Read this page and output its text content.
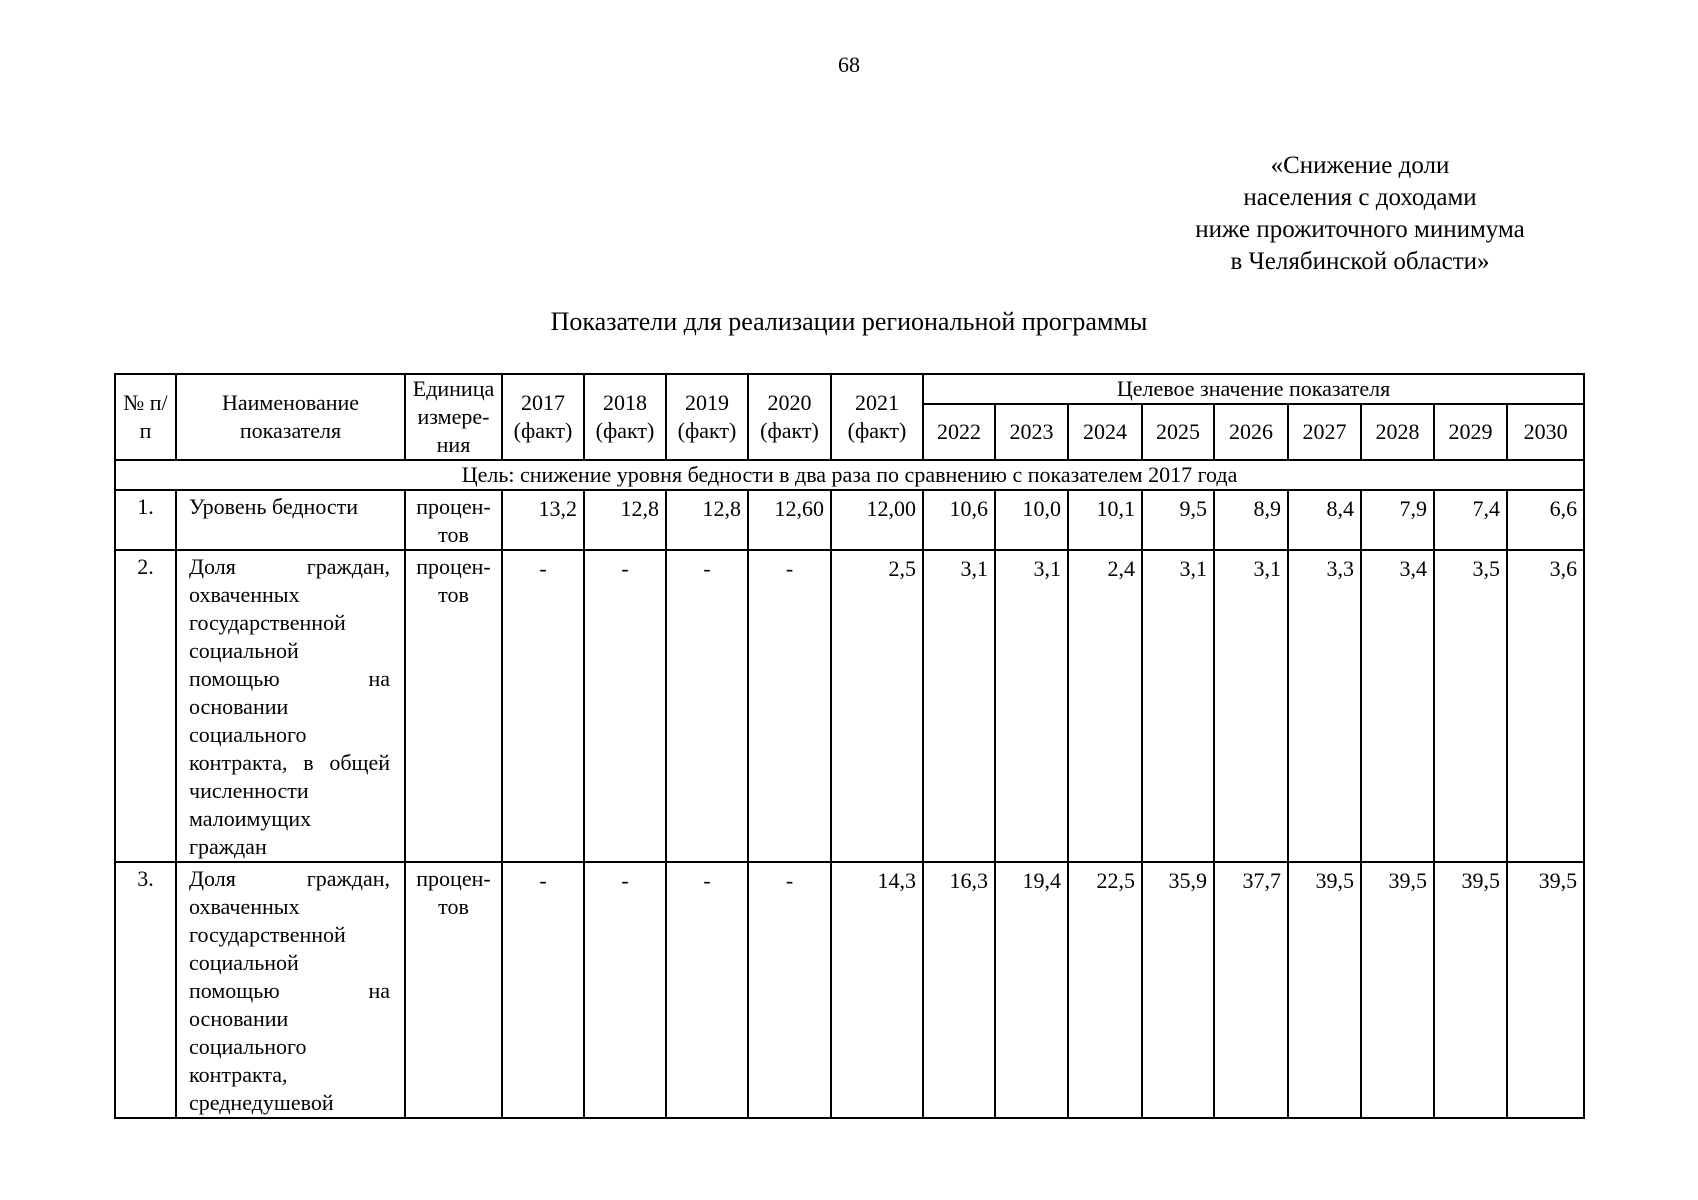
68
«Снижение доли
населения с доходами
ниже прожиточного минимума
в Челябинской области»
Показатели для реализации региональной программы
№ п/п	Наименование показателя	Единица измере-ния	2017 (факт)	2018 (факт)	2019 (факт)	2020 (факт)	2021 (факт)	Целевое значение показателя								
								2022	2023	2024	2025	2026	2027	2028	2029	2030
Цель: снижение уровня бедности в два раза по сравнению с показателем 2017 года																
1.	Уровень бедности	процен-тов	13,2	12,8	12,8	12,60	12,00	10,6	10,0	10,1	9,5	8,9	8,4	7,9	7,4	6,6
2.	Доля граждан, охваченных государственной социальной помощью на основании социального контракта, в общей численности малоимущих граждан	процен-тов	-	-	-	-	2,5	3,1	3,1	2,4	3,1	3,1	3,3	3,4	3,5	3,6
3.	Доля граждан, охваченных государственной социальной помощью на основании социального контракта, среднедушевой	процен-тов	-	-	-	-	14,3	16,3	19,4	22,5	35,9	37,7	39,5	39,5	39,5	39,5
